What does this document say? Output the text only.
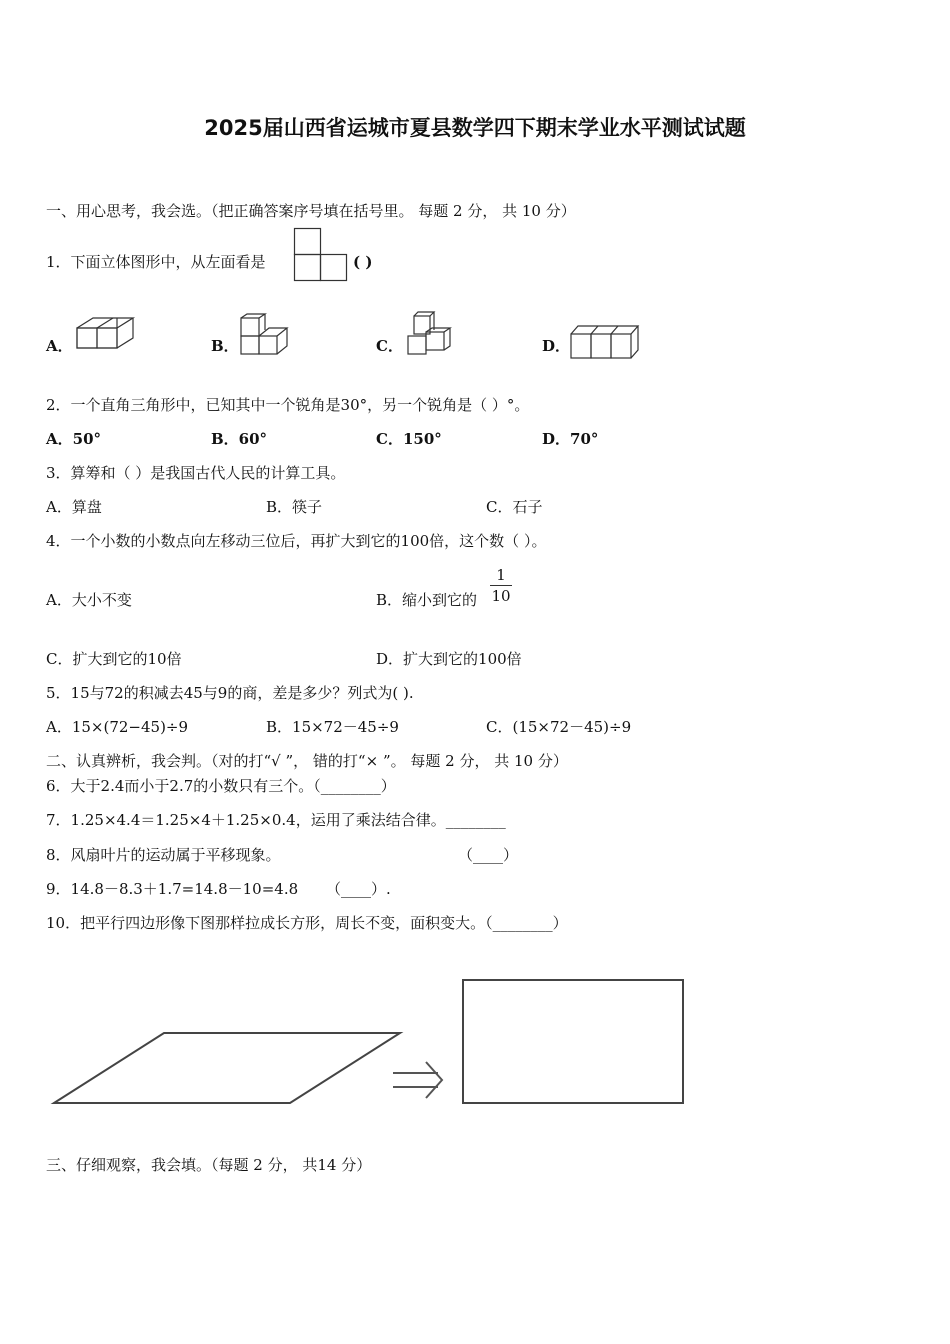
2025届山西省运城市夏县数学四下期末学业水平测试试题
一、用心思考，我会选。（把正确答案序号填在括号里。 每题 2 分， 共 10 分）
1．下面立体图形中，从左面看是	( )
A．	B．	C．	D．
2．一个直角三角形中，已知其中一个锐角是30°，另一个锐角是（ ）°。
A．50°	B．60°	C．150°	D．70°
3．算筹和（ ）是我国古代人民的计算工具。
A．算盘	B．筷子	C．石子
4．一个小数的小数点向左移动三位后，再扩大到它的100倍，这个数（ ）。
A．大小不变	B．缩小到它的
1
10
C．扩大到它的10倍	D．扩大到它的100倍
5．15与72的积减去45与9的商，差是多少？列式为( ).
A．15×(72−45)÷9	B．15×72－45÷9	C．(15×72－45)÷9
二、认真辨析，我会判。（对的打“√ ”， 错的打“× ”。 每题 2 分， 共 10 分）
6．大于2.4而小于2.7的小数只有三个。（________）
7．1.25×4.4＝1.25×4＋1.25×0.4，运用了乘法结合律。________
8．风扇叶片的运动属于平移现象。	（____）
9．14.8－8.3＋1.7=14.8－10=4.8 （____）.
10．把平行四边形像下图那样拉成长方形，周长不变，面积变大。（________）
三、仔细观察，我会填。（每题 2 分， 共14 分）
